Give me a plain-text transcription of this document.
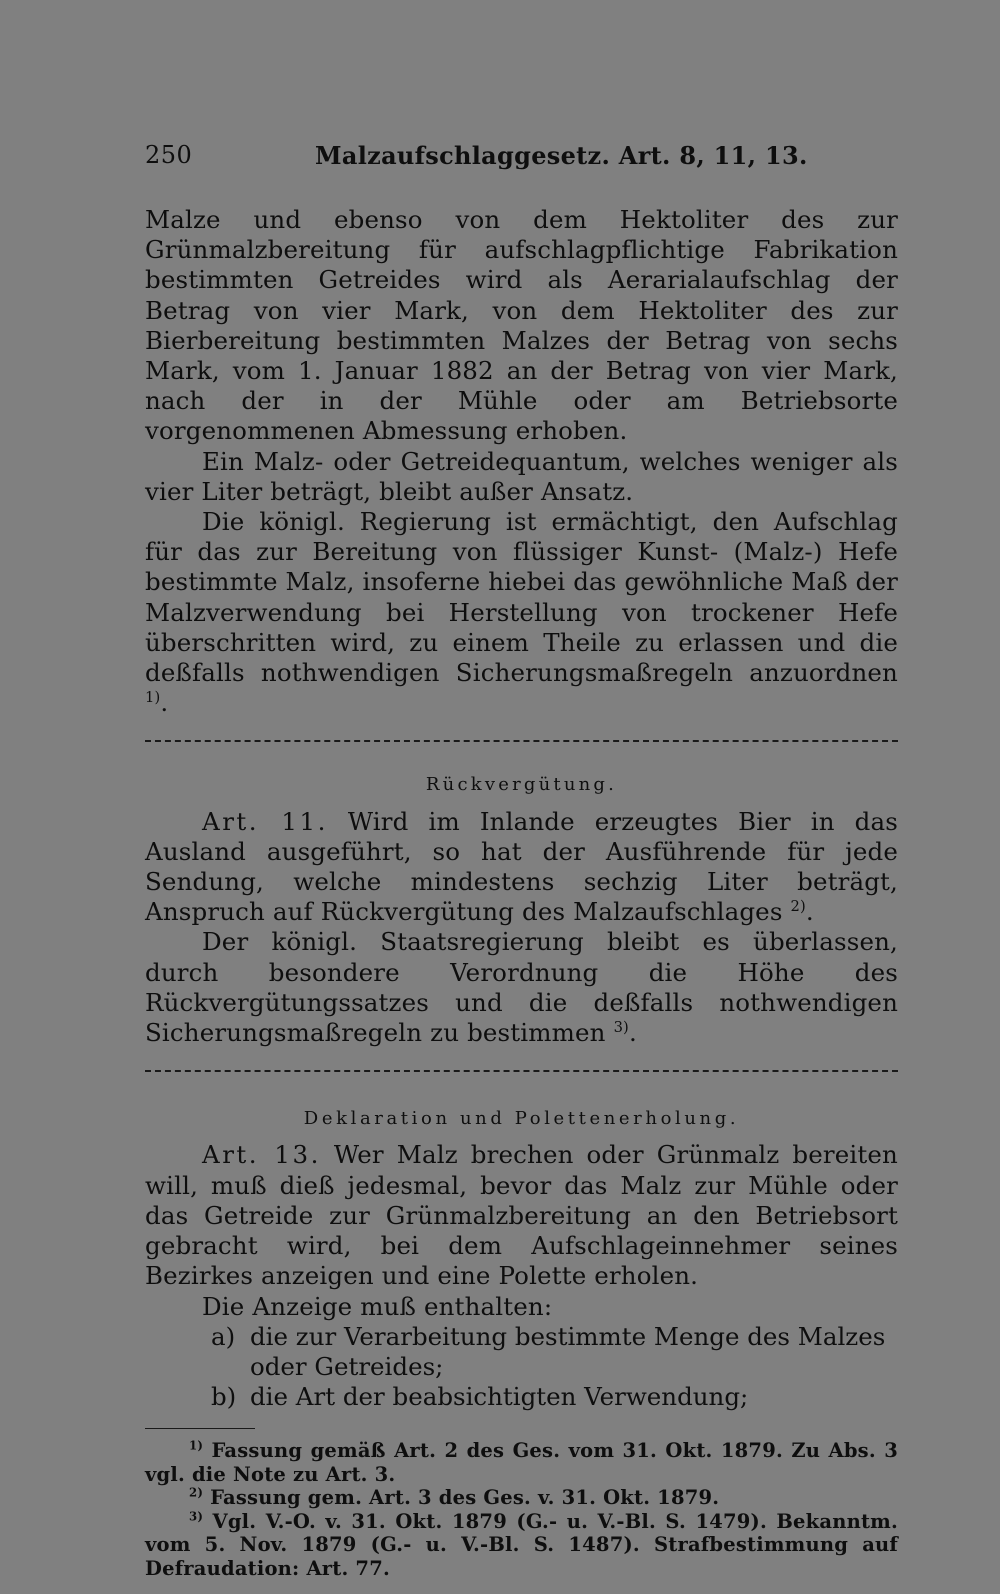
250	Malzaufschlaggesetz. Art. 8, 11, 13.

Malze und ebenso von dem Hektoliter des zur Grünmalzbereitung für aufschlagpflichtige Fabrikation bestimmten Getreides wird als Aerarialaufschlag der Betrag von vier Mark, von dem Hektoliter des zur Bierbereitung bestimmten Malzes der Betrag von sechs Mark, vom 1. Januar 1882 an der Betrag von vier Mark, nach der in der Mühle oder am Betriebsorte vorgenommenen Abmessung erhoben.

Ein Malz- oder Getreidequantum, welches weniger als vier Liter beträgt, bleibt außer Ansatz.

Die königl. Regierung ist ermächtigt, den Aufschlag für das zur Bereitung von flüssiger Kunst- (Malz-) Hefe bestimmte Malz, insoferne hiebei das gewöhnliche Maß der Malzverwendung bei Herstellung von trockener Hefe überschritten wird, zu einem Theile zu erlassen und die deßfalls nothwendigen Sicherungsmaßregeln anzuordnen $^{1)}$.

Rückvergütung.

Art. 11. Wird im Inlande erzeugtes Bier in das Ausland ausgeführt, so hat der Ausführende für jede Sendung, welche mindestens sechzig Liter beträgt, Anspruch auf Rückvergütung des Malzaufschlages $^{2)}$.

Der königl. Staatsregierung bleibt es überlassen, durch besondere Verordnung die Höhe des Rückvergütungssatzes und die deßfalls nothwendigen Sicherungsmaßregeln zu bestimmen $^{3)}$.

Deklaration und Polettenerholung.

Art. 13. Wer Malz brechen oder Grünmalz bereiten will, muß dieß jedesmal, bevor das Malz zur Mühle oder das Getreide zur Grünmalzbereitung an den Betriebsort gebracht wird, bei dem Aufschlageinnehmer seines Bezirkes anzeigen und eine Polette erholen.

Die Anzeige muß enthalten:

a) die zur Verarbeitung bestimmte Menge des Malzes oder Getreides;
b) die Art der beabsichtigten Verwendung;

$^{1)}$ Fassung gemäß Art. 2 des Ges. vom 31. Okt. 1879. Zu Abs. 3 vgl. die Note zu Art. 3.

$^{2)}$ Fassung gem. Art. 3 des Ges. v. 31. Okt. 1879.

$^{3)}$ Vgl. V.-O. v. 31. Okt. 1879 (G.- u. V.-Bl. S. 1479). Bekanntm. vom 5. Nov. 1879 (G.- u. V.-Bl. S. 1487). Strafbestimmung auf Defraudation: Art. 77.
